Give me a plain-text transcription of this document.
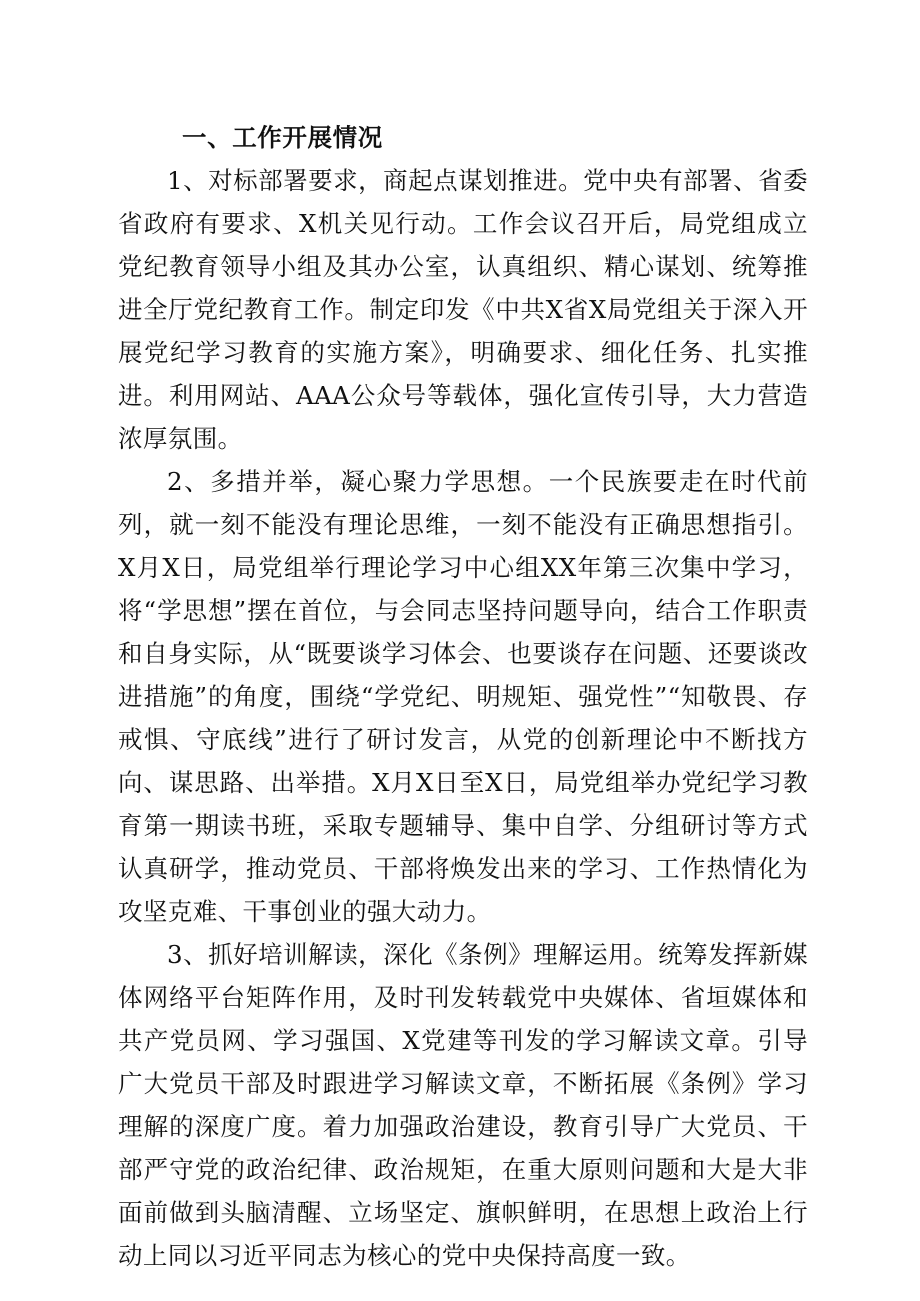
一、工作开展情况

1、对标部署要求，商起点谋划推进。党中央有部署、省委省政府有要求、X机关见行动。工作会议召开后，局党组成立党纪教育领导小组及其办公室，认真组织、精心谋划、统筹推进全厅党纪教育工作。制定印发《中共X省X局党组关于深入开展党纪学习教育的实施方案》，明确要求、细化任务、扎实推进。利用网站、AAA公众号等载体，强化宣传引导，大力营造浓厚氛围。

2、多措并举，凝心聚力学思想。一个民族要走在时代前列，就一刻不能没有理论思维，一刻不能没有正确思想指引。X月X日，局党组举行理论学习中心组XX年第三次集中学习，将“学思想”摆在首位，与会同志坚持问题导向，结合工作职责和自身实际，从“既要谈学习体会、也要谈存在问题、还要谈改进措施”的角度，围绕“学党纪、明规矩、强党性”“知敬畏、存戒惧、守底线”进行了研讨发言，从党的创新理论中不断找方向、谋思路、出举措。X月X日至X日，局党组举办党纪学习教育第一期读书班，采取专题辅导、集中自学、分组研讨等方式认真研学，推动党员、干部将焕发出来的学习、工作热情化为攻坚克难、干事创业的强大动力。

3、抓好培训解读，深化《条例》理解运用。统筹发挥新媒体网络平台矩阵作用，及时刊发转载党中央媒体、省垣媒体和共产党员网、学习强国、X党建等刊发的学习解读文章。引导广大党员干部及时跟进学习解读文章，不断拓展《条例》学习理解的深度广度。着力加强政治建设，教育引导广大党员、干部严守党的政治纪律、政治规矩，在重大原则问题和大是大非面前做到头脑清醒、立场坚定、旗帜鲜明，在思想上政治上行动上同以习近平同志为核心的党中央保持高度一致。
